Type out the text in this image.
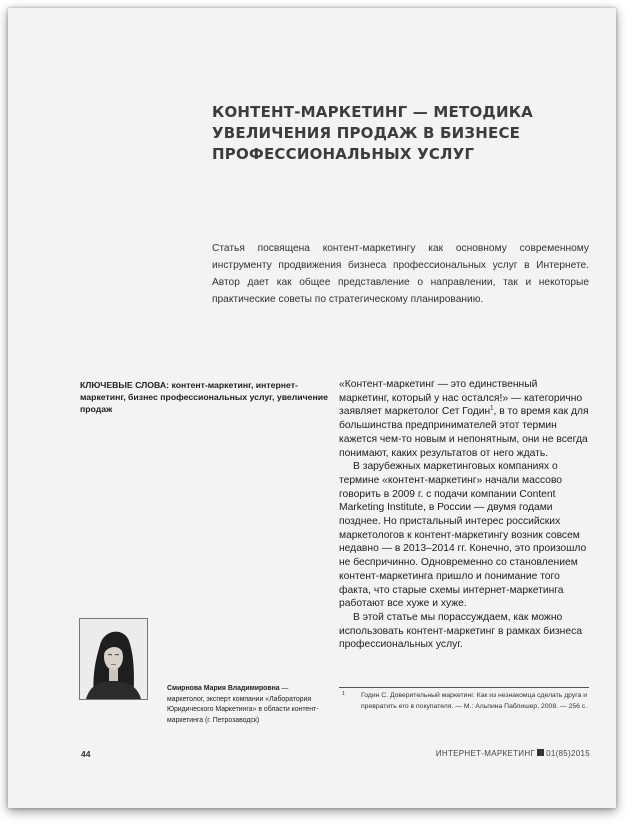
КОНТЕНТ-МАРКЕТИНГ — МЕТОДИКА
УВЕЛИЧЕНИЯ ПРОДАЖ В БИЗНЕСЕ
ПРОФЕССИОНАЛЬНЫХ УСЛУГ

Статья посвящена контент-маркетингу как основному современному инструменту продвижения бизнеса профессиональных услуг в Интернете. Автор дает как общее представление о направлении, так и некоторые практические советы по стратегическому планированию.

КЛЮЧЕВЫЕ СЛОВА: контент-маркетинг, интернет-маркетинг, бизнес профессиональных услуг, увеличение продаж

«Контент-маркетинг — это единственный маркетинг, который у нас остался!» — категорично заявляет маркетолог Сет Годин$^1$, в то время как для большинства предпринимателей этот термин кажется чем-то новым и непонятным, они не всегда понимают, каких результатов от него ждать.

В зарубежных маркетинговых компаниях о термине «контент-маркетинг» начали массово говорить в 2009 г. с подачи компании Content Marketing Institute, в России — двумя годами позднее. Но пристальный интерес российских маркетологов к контент-маркетингу возник совсем недавно — в 2013–2014 гг. Конечно, это произошло не беспричинно. Одновременно со становлением контент-маркетинга пришло и понимание того факта, что старые схемы интернет-маркетинга работают все хуже и хуже.

В этой статье мы порассуждаем, как можно использовать контент-маркетинг в рамках бизнеса профессиональных услуг.

1	Годин С. Доверительный маркетинг. Как из незнакомца сделать друга и превратить его в покупателя. — М.: Альпина Паблишер, 2008. — 256 с.

Смирнова Мария Владимировна — маркетолог, эксперт компании «Лаборатория Юридического Маркетинга» в области контент-маркетинга (г. Петрозаводск)

44	ИНТЕРНЕТ-МАРКЕТИНГ 01(85)2015
